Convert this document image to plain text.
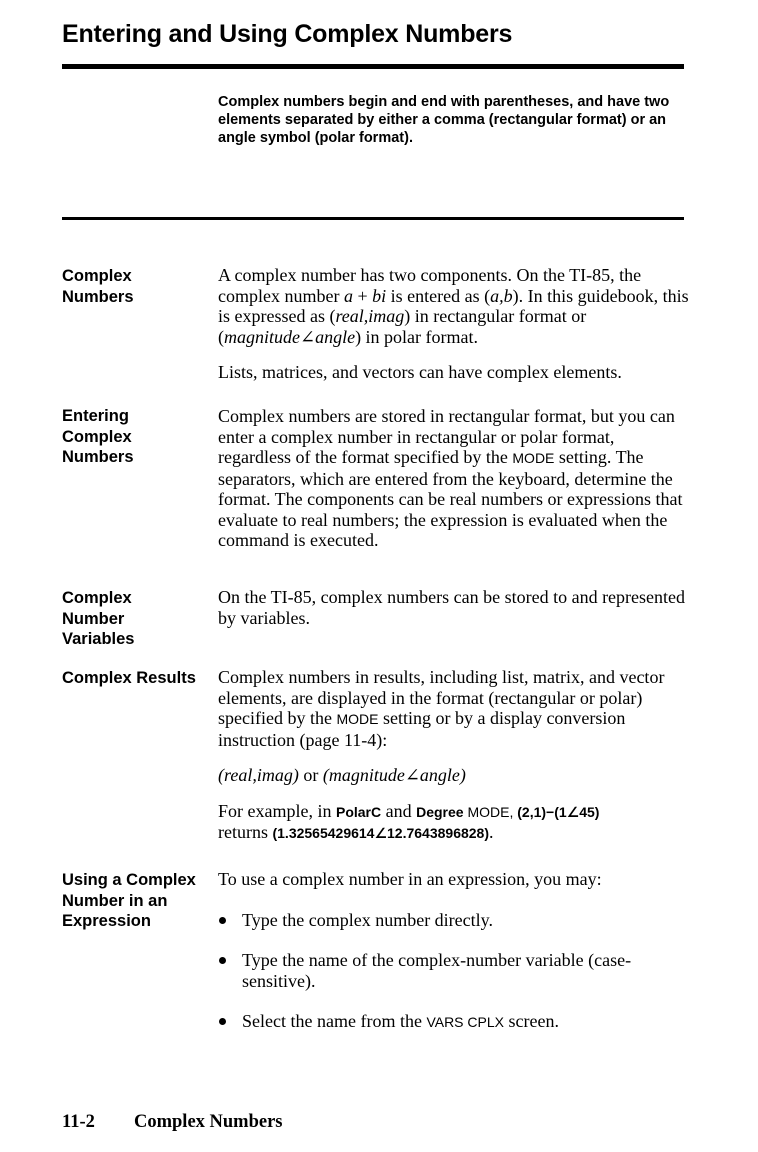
Entering and Using Complex Numbers
Complex numbers begin and end with parentheses, and have two elements separated by either a comma (rectangular format) or an angle symbol (polar format).
Complex
Numbers

A complex number has two components. On the TI-85, the complex number a + bi is entered as (a,b). In this guidebook, this is expressed as (real,imag) in rectangular format or (magnitude∠angle) in polar format.

Lists, matrices, and vectors can have complex elements.

Entering
Complex
Numbers

Complex numbers are stored in rectangular format, but you can enter a complex number in rectangular or polar format, regardless of the format specified by the MODE setting. The separators, which are entered from the keyboard, determine the format. The components can be real numbers or expressions that evaluate to real numbers; the expression is evaluated when the command is executed.

Complex
Number
Variables

On the TI-85, complex numbers can be stored to and represented by variables.

Complex Results	Complex numbers in results, including list, matrix, and vector elements, are displayed in the format (rectangular or polar) specified by the MODE setting or by a display conversion instruction (page 11-4):

(real,imag) or (magnitude∠angle)

For example, in PolarC and Degree MODE, (2,1)−(1∠45)
returns (1.32565429614∠12.7643896828).

Using a Complex
Number in an
Expression

To use a complex number in an expression, you may:

Type the complex number directly.
Type the name of the complex-number variable (case-sensitive).
Select the name from the VARS CPLX screen.
11-2 Complex Numbers
